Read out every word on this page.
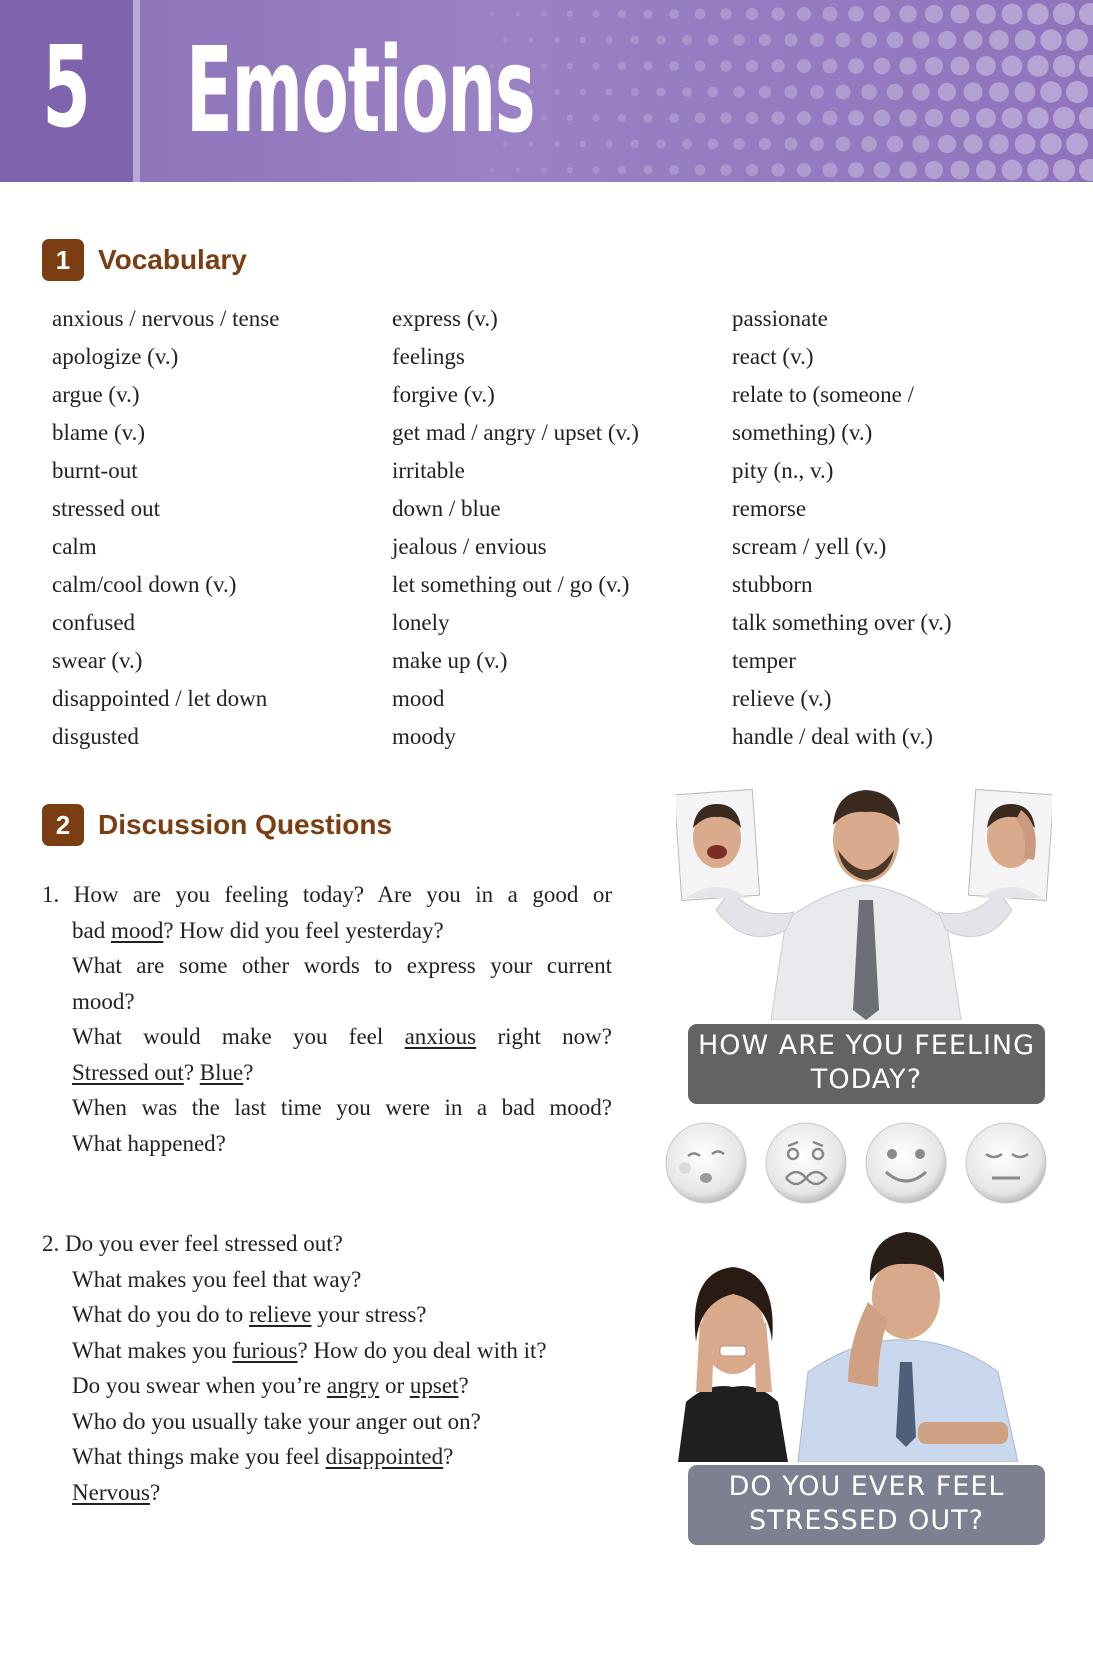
5 Emotions
1 Vocabulary
anxious / nervous / tense
apologize (v.)
argue (v.)
blame (v.)
burnt-out
stressed out
calm
calm/cool down (v.)
confused
swear (v.)
disappointed / let down
disgusted
express (v.)
feelings
forgive (v.)
get mad / angry / upset (v.)
irritable
down / blue
jealous / envious
let something out / go (v.)
lonely
make up (v.)
mood
moody
passionate
react (v.)
relate to (someone /
something) (v.)
pity (n., v.)
remorse
scream / yell (v.)
stubborn
talk something over (v.)
temper
relieve (v.)
handle / deal with (v.)
2 Discussion Questions
1. How are you feeling today? Are you in a good or
bad mood? How did you feel yesterday?
What are some other words to express your current
mood?
What would make you feel anxious right now?
Stressed out? Blue?
When was the last time you were in a bad mood?
What happened?
2. Do you ever feel stressed out?
What makes you feel that way?
What do you do to relieve your stress?
What makes you furious? How do you deal with it?
Do you swear when you’re angry or upset?
Who do you usually take your anger out on?
What things make you feel disappointed?
Nervous?
HOW ARE YOU FEELING
TODAY?
DO YOU EVER FEEL
STRESSED OUT?
